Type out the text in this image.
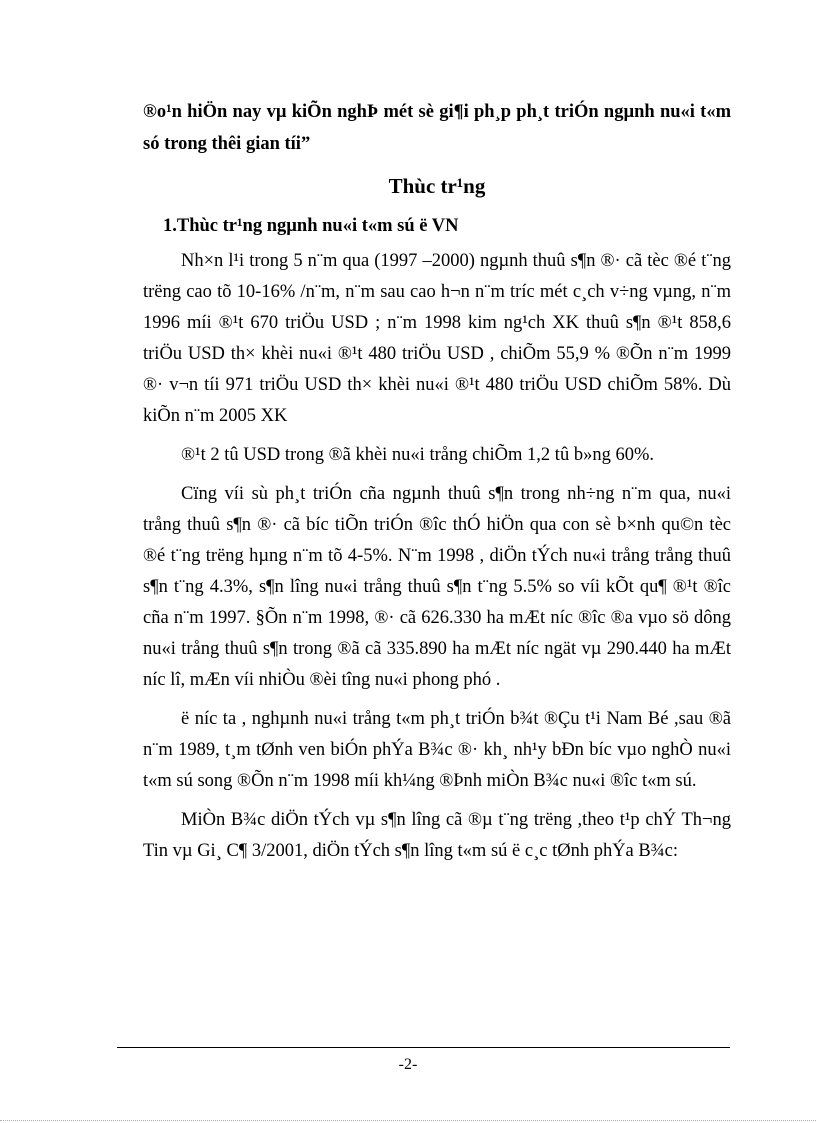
®o¹n hiÖn nay vµ kiÕn nghÞ mét sè gi¶i ph¸p ph¸t triÓn ngµnh nu«i t«m só trong thêi gian tíi”

Thùc tr¹ng
1.Thùc tr¹ng ngµnh nu«i t«m sú ë VN

Nh×n l¹i trong 5 n¨m qua (1997 –2000) ngµnh thuû s¶n ®· cã tèc ®é t¨ng trëng cao tõ 10-16% /n¨m, n¨m sau cao h¬n n¨m tríc mét c¸ch v÷ng vµng, n¨m 1996 míi ®¹t 670 triÖu USD ; n¨m 1998 kim ng¹ch XK thuû s¶n ®¹t 858,6 triÖu USD th× khèi nu«i ®¹t 480 triÖu USD , chiÕm 55,9 % ®Õn n¨m 1999 ®· v¬n tíi 971 triÖu USD th× khèi nu«i ®¹t 480 triÖu USD chiÕm 58%. Dù kiÕn n¨m 2005 XK

®¹t 2 tû USD trong ®ã khèi nu«i trång chiÕm 1,2 tû b»ng 60%.

Cïng víi sù ph¸t triÓn cña ngµnh thuû s¶n trong nh÷ng n¨m qua, nu«i trång thuû s¶n ®· cã bíc tiÕn triÓn ®îc thÓ hiÖn qua con sè b×nh qu©n tèc ®é t¨ng trëng hµng n¨m tõ 4-5%. N¨m 1998 , diÖn tÝch nu«i trång trång thuû s¶n t¨ng 4.3%, s¶n lîng nu«i trång thuû s¶n t¨ng 5.5% so víi kÕt qu¶ ®¹t ®îc cña n¨m 1997. §Õn n¨m 1998, ®· cã 626.330 ha mÆt níc ®îc ®a vµo sö dông nu«i trång thuû s¶n trong ®ã cã 335.890 ha mÆt níc ngät vµ 290.440 ha mÆt níc lî, mÆn víi nhiÒu ®èi tîng nu«i phong phó .

ë níc ta , nghµnh nu«i trång t«m ph¸t triÓn b¾t ®Çu t¹i Nam Bé ,sau ®ã n¨m 1989, t¸m tØnh ven biÓn phÝa B¾c ®· kh¸ nh¹y bÐn bíc vµo nghÒ nu«i t«m sú song ®Õn n¨m 1998 míi kh¼ng ®Þnh miÒn B¾c nu«i ®îc t«m sú.

MiÒn B¾c diÖn tÝch vµ s¶n lîng cã ®µ t¨ng trëng ,theo t¹p chÝ Th¬ng Tin vµ Gi¸ C¶ 3/2001, diÖn tÝch s¶n lîng t«m sú ë c¸c tØnh phÝa B¾c:

-2-
